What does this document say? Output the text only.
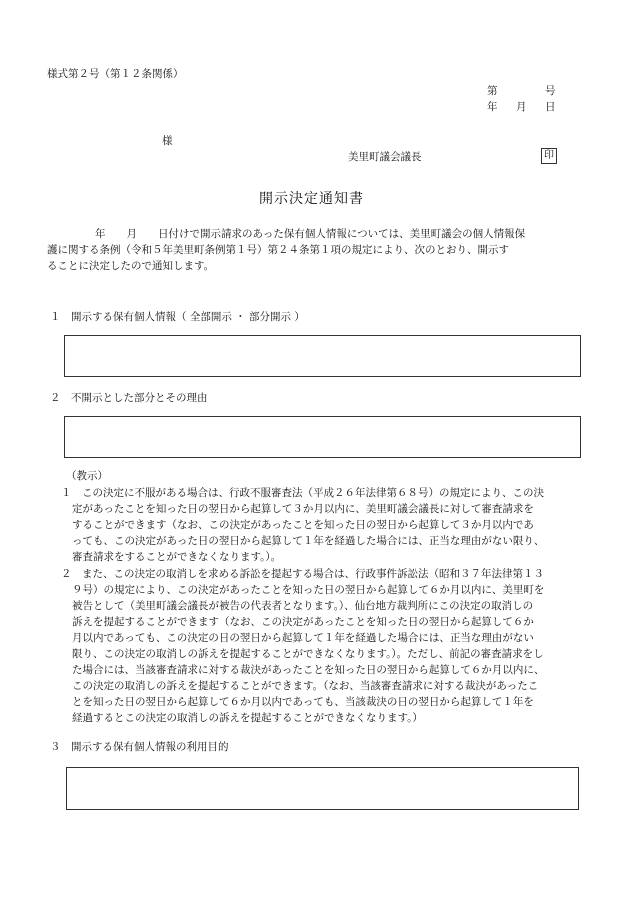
様式第２号（第１２条関係）
第	号
年 月 日
様
美里町議会議長	印
開示決定通知書
年　　月　　日付けで開示請求のあった保有個人情報については、美里町議会の個人情報保
護に関する条例（令和５年美里町条例第１号）第２４条第１項の規定により、次のとおり、開示す
ることに決定したので通知します。
１　開示する保有個人情報（ 全部開示 ・ 部分開示 ）
２　不開示とした部分とその理由
（教示）
１　この決定に不服がある場合は、行政不服審査法（平成２６年法律第６８号）の規定により、この決
定があったことを知った日の翌日から起算して３か月以内に、美里町議会議長に対して審査請求を
することができます（なお、この決定があったことを知った日の翌日から起算して３か月以内であ
っても、この決定があった日の翌日から起算して１年を経過した場合には、正当な理由がない限り、
審査請求をすることができなくなります。）。
２　また、この決定の取消しを求める訴訟を提起する場合は、行政事件訴訟法（昭和３７年法律第１３
９号）の規定により、この決定があったことを知った日の翌日から起算して６か月以内に、美里町を
被告として（美里町議会議長が被告の代表者となります。）、仙台地方裁判所にこの決定の取消しの
訴えを提起することができます（なお、この決定があったことを知った日の翌日から起算して６か
月以内であっても、この決定の日の翌日から起算して１年を経過した場合には、正当な理由がない
限り、この決定の取消しの訴えを提起することができなくなります。）。ただし、前記の審査請求をし
た場合には、当該審査請求に対する裁決があったことを知った日の翌日から起算して６か月以内に、
この決定の取消しの訴えを提起することができます。（なお、当該審査請求に対する裁決があったこ
とを知った日の翌日から起算して６か月以内であっても、当該裁決の日の翌日から起算して１年を
経過するとこの決定の取消しの訴えを提起することができなくなります。）
３　開示する保有個人情報の利用目的
